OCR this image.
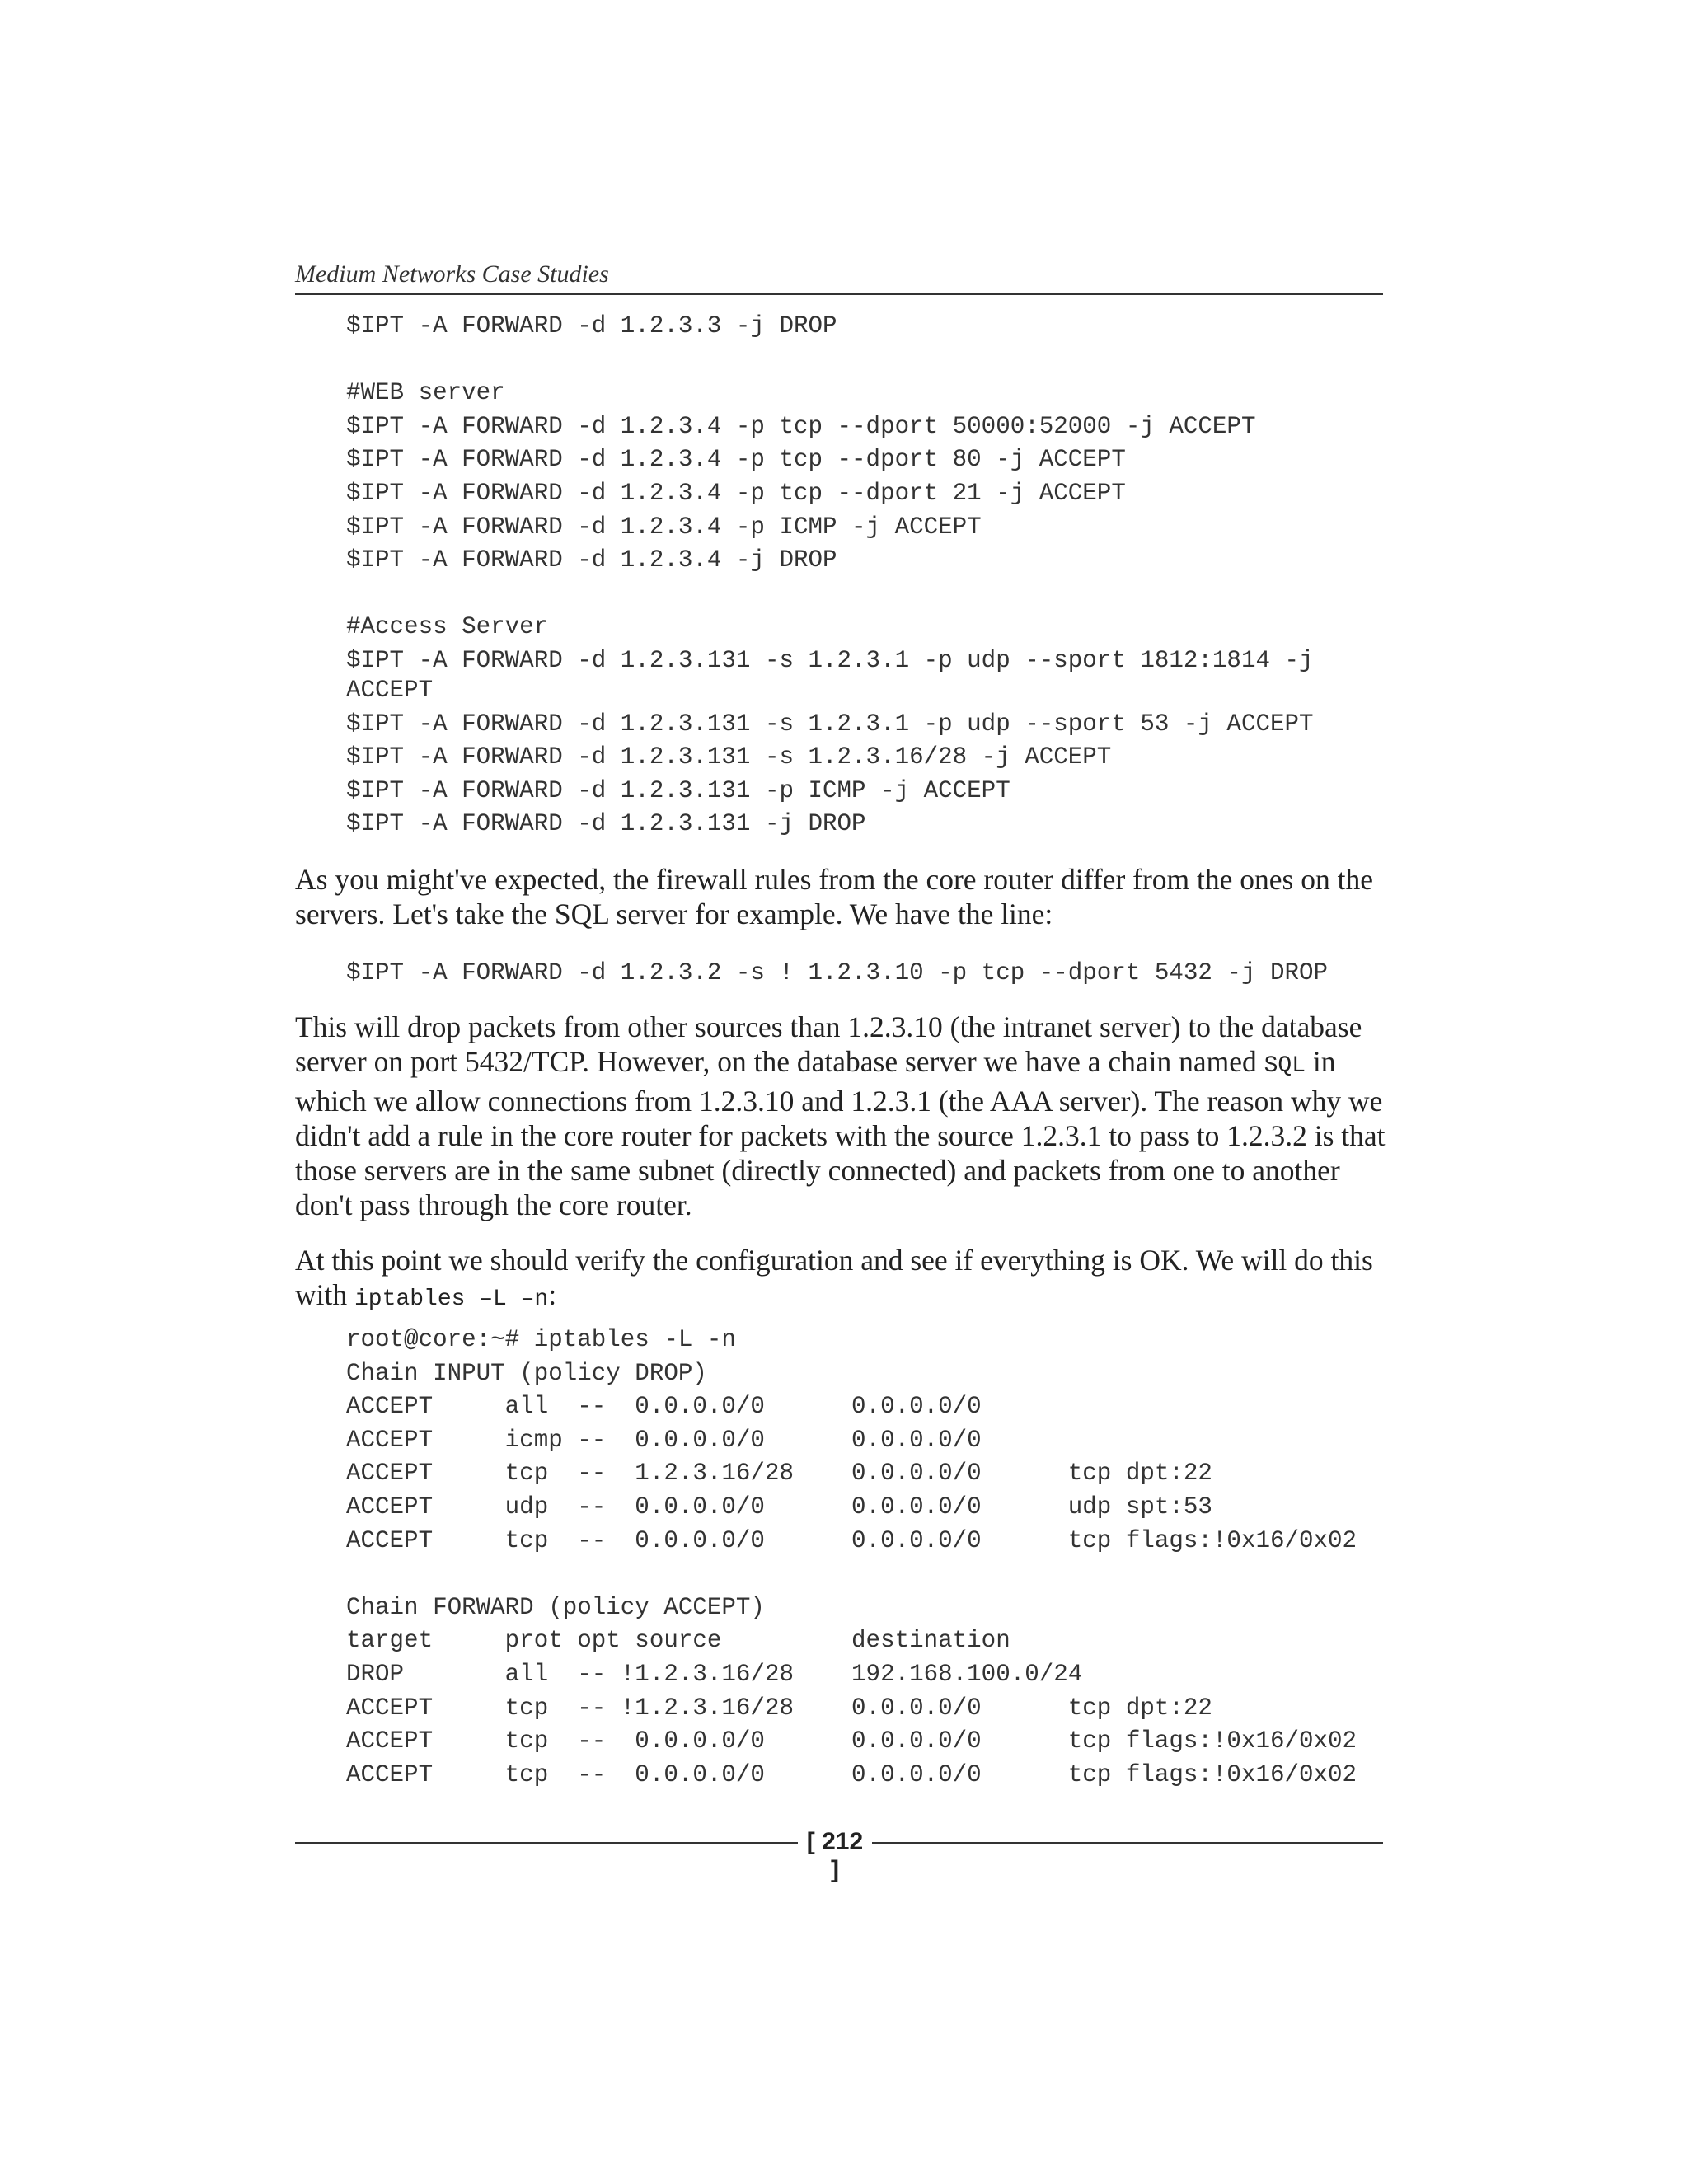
Medium Networks Case Studies
$IPT -A FORWARD -d 1.2.3.3 -j DROP
#WEB server
$IPT -A FORWARD -d 1.2.3.4 -p tcp --dport 50000:52000 -j ACCEPT
$IPT -A FORWARD -d 1.2.3.4 -p tcp --dport 80 -j ACCEPT
$IPT -A FORWARD -d 1.2.3.4 -p tcp --dport 21 -j ACCEPT
$IPT -A FORWARD -d 1.2.3.4 -p ICMP -j ACCEPT
$IPT -A FORWARD -d 1.2.3.4 -j DROP
#Access Server
$IPT -A FORWARD -d 1.2.3.131 -s 1.2.3.1 -p udp --sport 1812:1814 -j
ACCEPT
$IPT -A FORWARD -d 1.2.3.131 -s 1.2.3.1 -p udp --sport 53 -j ACCEPT
$IPT -A FORWARD -d 1.2.3.131 -s 1.2.3.16/28 -j ACCEPT
$IPT -A FORWARD -d 1.2.3.131 -p ICMP -j ACCEPT
$IPT -A FORWARD -d 1.2.3.131 -j DROP

As you might've expected, the firewall rules from the core router differ from the ones on the servers. Let's take the SQL server for example. We have the line:

$IPT -A FORWARD -d 1.2.3.2 -s ! 1.2.3.10 -p tcp --dport 5432 -j DROP

This will drop packets from other sources than 1.2.3.10 (the intranet server) to the database server on port 5432/TCP. However, on the database server we have a chain named SQL in which we allow connections from 1.2.3.10 and 1.2.3.1 (the AAA server). The reason why we didn't add a rule in the core router for packets with the source 1.2.3.1 to pass to 1.2.3.2 is that those servers are in the same subnet (directly connected) and packets from one to another don't pass through the core router.

At this point we should verify the configuration and see if everything is OK. We will do this with iptables –L –n:

root@core:~# iptables -L -n
Chain INPUT (policy DROP)
ACCEPT     all  --  0.0.0.0/0      0.0.0.0/0
ACCEPT     icmp --  0.0.0.0/0      0.0.0.0/0
ACCEPT     tcp  --  1.2.3.16/28    0.0.0.0/0      tcp dpt:22
ACCEPT     udp  --  0.0.0.0/0      0.0.0.0/0      udp spt:53
ACCEPT     tcp  --  0.0.0.0/0      0.0.0.0/0      tcp flags:!0x16/0x02
Chain FORWARD (policy ACCEPT)
target     prot opt source         destination
DROP       all  -- !1.2.3.16/28    192.168.100.0/24
ACCEPT     tcp  -- !1.2.3.16/28    0.0.0.0/0      tcp dpt:22
ACCEPT     tcp  --  0.0.0.0/0      0.0.0.0/0      tcp flags:!0x16/0x02
ACCEPT     tcp  --  0.0.0.0/0      0.0.0.0/0      tcp flags:!0x16/0x02
[ 212 ]
